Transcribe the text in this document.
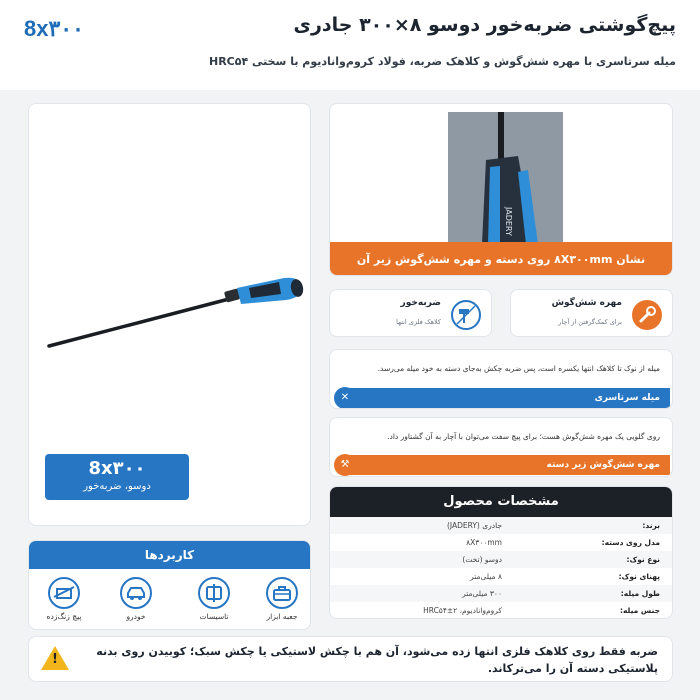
8x۳۰۰	پیچ‌گوشتی ضربه‌خور دوسو ۸×۳۰۰ جادری
میله سرتاسری با مهره شش‌گوش و کلاهک ضربه، فولاد کروم‌وانادیوم با سختی HRC۵۴
8x۳۰۰
دوسو، ضربه‌خور
کاربردها
جعبه ابزار
تاسیسات
خودرو
پیچ زنگ‌زده
JADERY
نشان ۸X۳۰۰mm روی دسته و مهره شش‌گوش زیر آن
مهره شش‌گوش
برای کمک‌گرفتن از آچار
ضربه‌خور
کلاهک فلزی انتها
میله از نوک تا کلاهک انتها یکسره است، پس ضربه چکش به‌جای دسته به خود میله می‌رسد.
میله سرتاسری
✕
روی گلویی یک مهره شش‌گوش هست؛ برای پیچ سفت می‌توان با آچار به آن گشتاور داد.
مهره شش‌گوش زیر دسته
⚒
مشخصات محصول
برند:
جادری (JADERY)
مدل روی دسته:
۸X۳۰۰mm
نوع نوک:
دوسو (تخت)
پهنای نوک:
۸ میلی‌متر
طول میله:
۳۰۰ میلی‌متر
جنس میله:
کروم‌وانادیوم، HRC۵۴±۲
!
ضربه فقط روی کلاهک فلزی انتها زده می‌شود، آن هم با چکش لاستیکی یا چکش سبک؛ کوبیدن روی بدنه پلاستیکی دسته آن را می‌ترکاند.
